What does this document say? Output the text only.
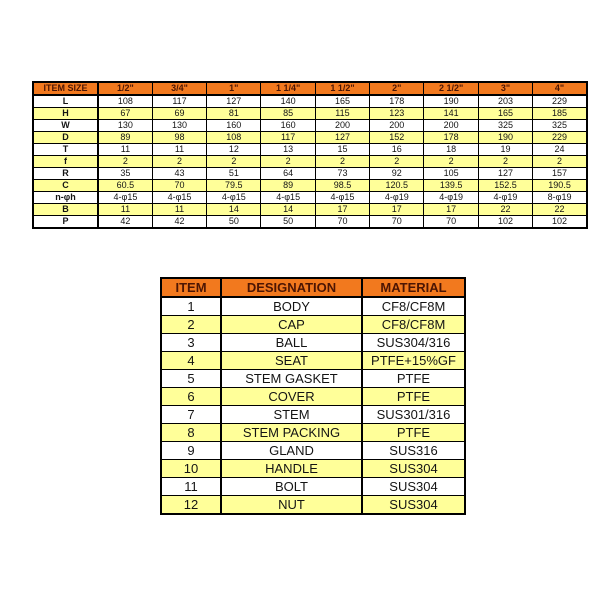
ITEM SIZE	1/2"	3/4"	1"	1 1/4"	1 1/2"	2"	2 1/2"	3"	4"
L	108	117	127	140	165	178	190	203	229
H	67	69	81	85	115	123	141	165	185
W	130	130	160	160	200	200	200	325	325
D	89	98	108	117	127	152	178	190	229
T	11	11	12	13	15	16	18	19	24
f	2	2	2	2	2	2	2	2	2
R	35	43	51	64	73	92	105	127	157
C	60.5	70	79.5	89	98.5	120.5	139.5	152.5	190.5
n-φh	4-φ15	4-φ15	4-φ15	4-φ15	4-φ15	4-φ19	4-φ19	4-φ19	8-φ19
B	11	11	14	14	17	17	17	22	22
P	42	42	50	50	70	70	70	102	102
ITEM	DESIGNATION	MATERIAL
1	BODY	CF8/CF8M
2	CAP	CF8/CF8M
3	BALL	SUS304/316
4	SEAT	PTFE+15%GF
5	STEM GASKET	PTFE
6	COVER	PTFE
7	STEM	SUS301/316
8	STEM PACKING	PTFE
9	GLAND	SUS316
10	HANDLE	SUS304
11	BOLT	SUS304
12	NUT	SUS304
